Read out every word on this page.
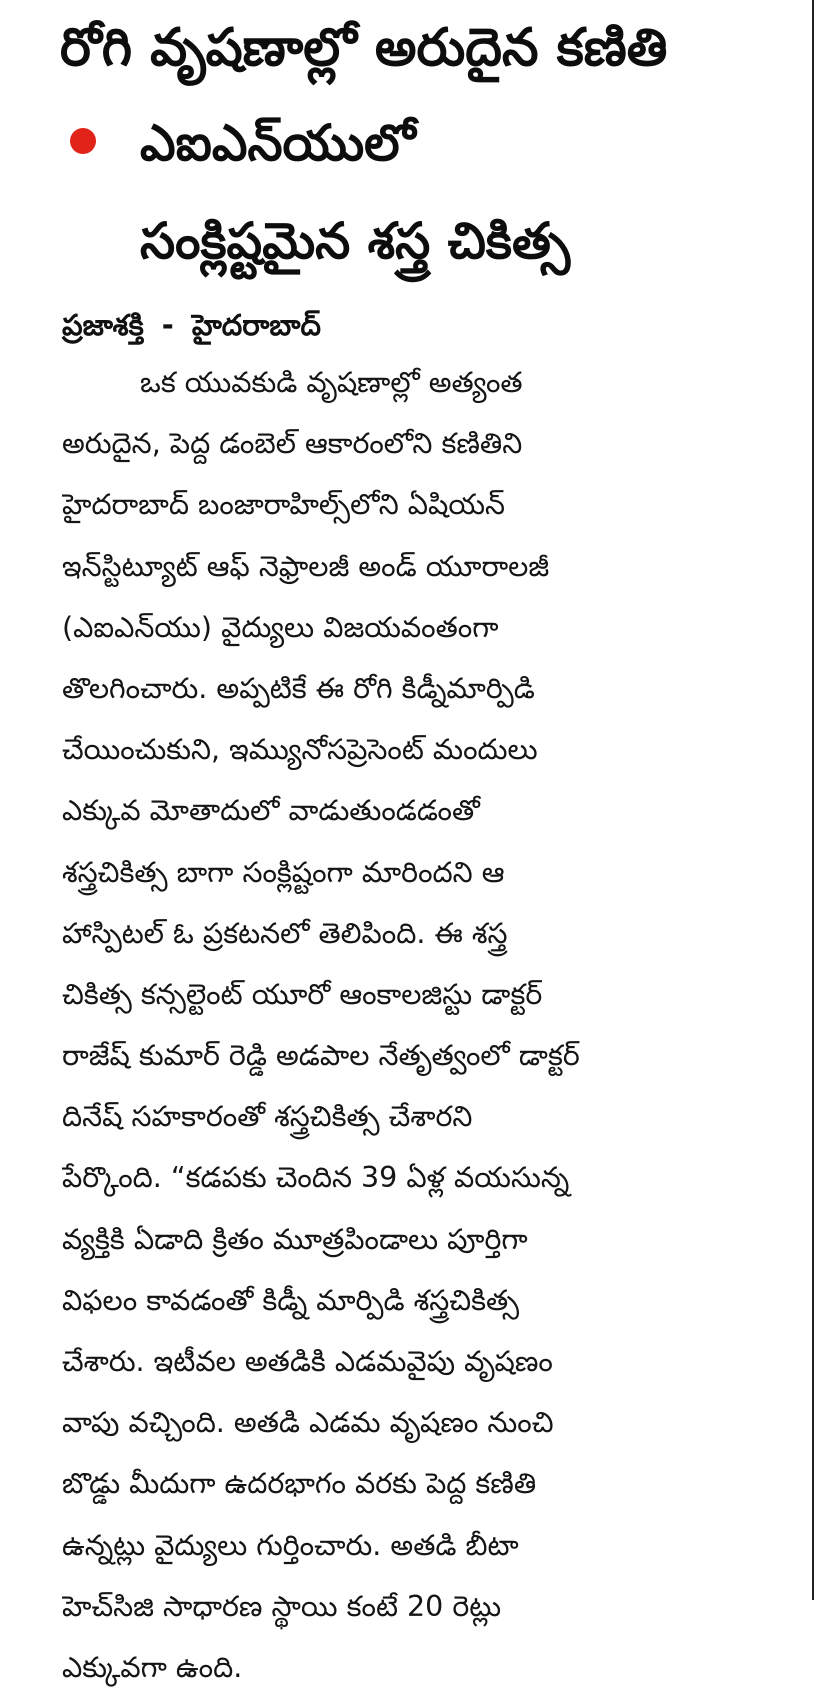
రోగి వృషణాల్లో అరుదైన కణితి
ఎఐఎన్‌యులో
సంక్లిష్టమైన శస్త్ర చికిత్స
ప్రజాశక్తి - హైదరాబాద్
ఒక యువకుడి వృషణాల్లో అత్యంత
అరుదైన, పెద్ద డంబెల్ ఆకారంలోని కణితిని
హైదరాబాద్ బంజారాహిల్స్‌లోని ఏషియన్
ఇన్‌స్టిట్యూట్ ఆఫ్ నెఫ్రాలజీ అండ్ యూరాలజీ
(ఎఐఎన్‌యు) వైద్యులు విజయవంతంగా
తొలగించారు. అప్పటికే ఈ రోగి కిడ్నీమార్పిడి
చేయించుకుని, ఇమ్యునోసప్రెసెంట్ మందులు
ఎక్కువ మోతాదులో వాడుతుండడంతో
శస్త్రచికిత్స బాగా సంక్లిష్టంగా మారిందని ఆ
హాస్పిటల్ ఓ ప్రకటనలో తెలిపింది. ఈ శస్త్ర
చికిత్స కన్సల్టెంట్ యూరో ఆంకాలజిస్టు డాక్టర్
రాజేష్ కుమార్ రెడ్డి అడపాల నేతృత్వంలో డాక్టర్
దినేష్ సహకారంతో శస్త్రచికిత్స చేశారని
పేర్కొంది. “కడపకు చెందిన 39 ఏళ్ల వయసున్న
వ్యక్తికి ఏడాది క్రితం మూత్రపిండాలు పూర్తిగా
విఫలం కావడంతో కిడ్నీ మార్పిడి శస్త్రచికిత్స
చేశారు. ఇటీవల అతడికి ఎడమవైపు వృషణం
వాపు వచ్చింది. అతడి ఎడమ వృషణం నుంచి
బొడ్డు మీదుగా ఉదరభాగం వరకు పెద్ద కణితి
ఉన్నట్లు వైద్యులు గుర్తించారు. అతడి బీటా
హెచ్‌సిజి సాధారణ స్థాయి కంటే 20 రెట్లు
ఎక్కువగా ఉంది.
